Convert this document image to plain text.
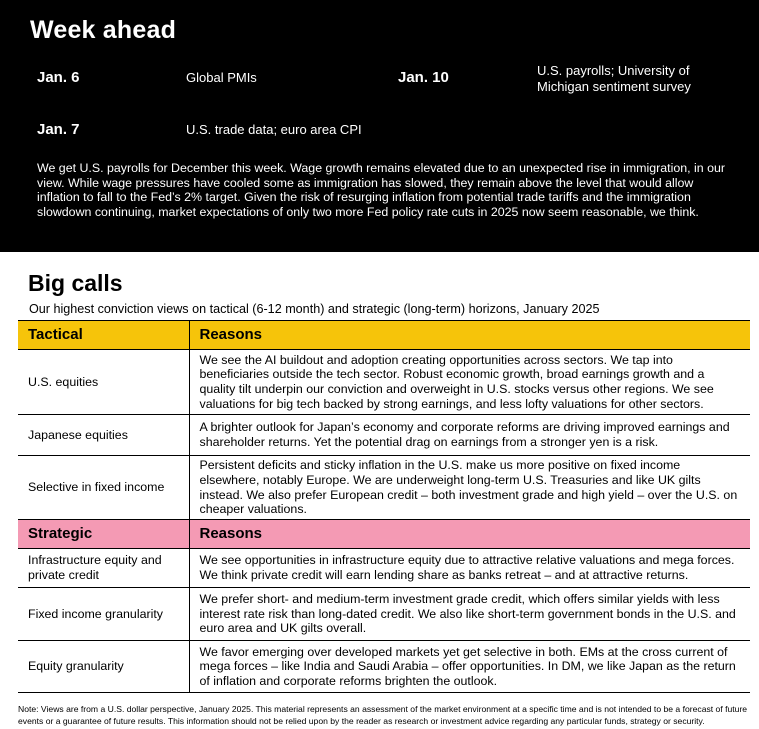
Week ahead
Jan. 6	Global PMIs	Jan. 10	U.S. payrolls; University of Michigan sentiment survey
Jan. 7	U.S. trade data; euro area CPI

We get U.S. payrolls for December this week. Wage growth remains elevated due to an unexpected rise in immigration, in our view. While wage pressures have cooled some as immigration has slowed, they remain above the level that would allow inflation to fall to the Fed’s 2% target. Given the risk of resurging inflation from potential trade tariffs and the immigration slowdown continuing, market expectations of only two more Fed policy rate cuts in 2025 now seem reasonable, we think.

Big calls
Our highest conviction views on tactical (6-12 month) and strategic (long-term) horizons, January 2025
Tactical	Reasons
U.S. equities	We see the AI buildout and adoption creating opportunities across sectors. We tap into beneficiaries outside the tech sector. Robust economic growth, broad earnings growth and a quality tilt underpin our conviction and overweight in U.S. stocks versus other regions. We see valuations for big tech backed by strong earnings, and less lofty valuations for other sectors.
Japanese equities	A brighter outlook for Japan’s economy and corporate reforms are driving improved earnings and shareholder returns. Yet the potential drag on earnings from a stronger yen is a risk.
Selective in fixed income	Persistent deficits and sticky inflation in the U.S. make us more positive on fixed income elsewhere, notably Europe. We are underweight long-term U.S. Treasuries and like UK gilts instead. We also prefer European credit – both investment grade and high yield – over the U.S. on cheaper valuations.
Strategic	Reasons
Infrastructure equity and private credit	We see opportunities in infrastructure equity due to attractive relative valuations and mega forces. We think private credit will earn lending share as banks retreat – and at attractive returns.
Fixed income granularity	We prefer short- and medium-term investment grade credit, which offers similar yields with less interest rate risk than long-dated credit. We also like short-term government bonds in the U.S. and euro area and UK gilts overall.
Equity granularity	We favor emerging over developed markets yet get selective in both. EMs at the cross current of mega forces – like India and Saudi Arabia – offer opportunities. In DM, we like Japan as the return of inflation and corporate reforms brighten the outlook.
Note: Views are from a U.S. dollar perspective, January 2025. This material represents an assessment of the market environment at a specific time and is not intended to be a forecast of future events or a guarantee of future results. This information should not be relied upon by the reader as research or investment advice regarding any particular funds, strategy or security.
